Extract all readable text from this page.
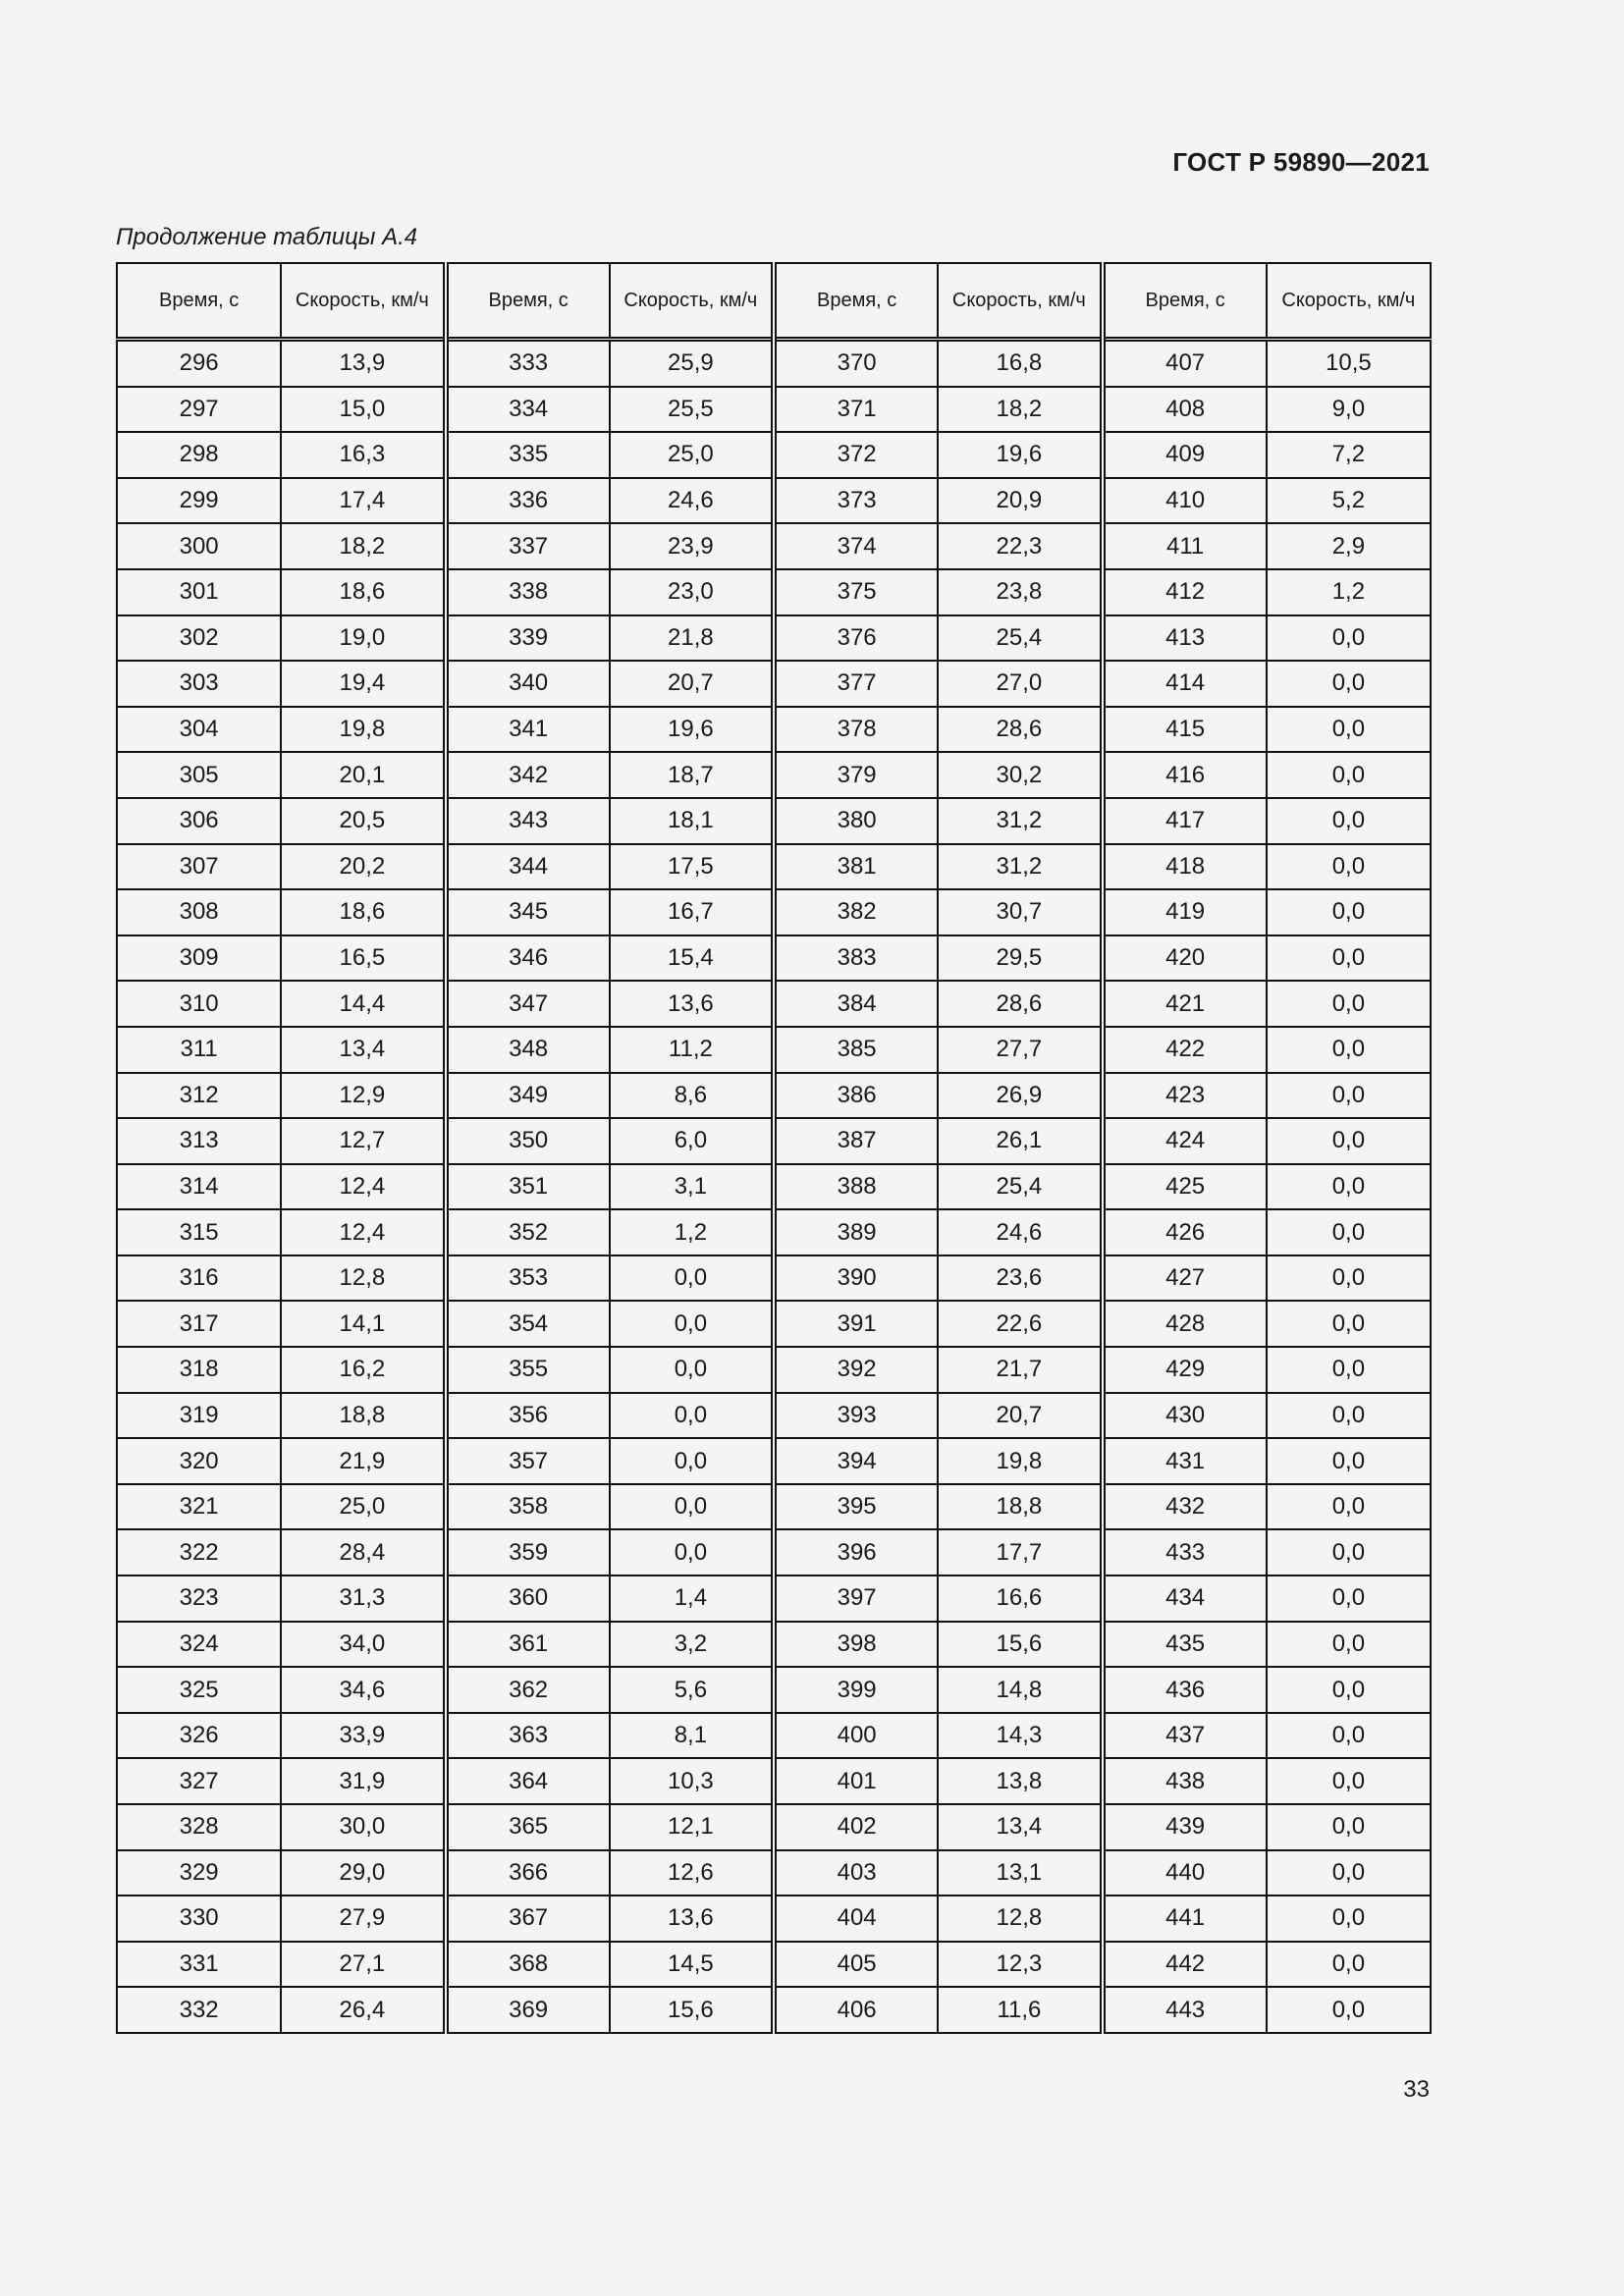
ГОСТ Р 59890—2021
Продолжение таблицы А.4
Время, с	Скорость, км/ч	Время, с	Скорость, км/ч	Время, с	Скорость, км/ч	Время, с	Скорость, км/ч
296	13,9	333	25,9	370	16,8	407	10,5
297	15,0	334	25,5	371	18,2	408	9,0
298	16,3	335	25,0	372	19,6	409	7,2
299	17,4	336	24,6	373	20,9	410	5,2
300	18,2	337	23,9	374	22,3	411	2,9
301	18,6	338	23,0	375	23,8	412	1,2
302	19,0	339	21,8	376	25,4	413	0,0
303	19,4	340	20,7	377	27,0	414	0,0
304	19,8	341	19,6	378	28,6	415	0,0
305	20,1	342	18,7	379	30,2	416	0,0
306	20,5	343	18,1	380	31,2	417	0,0
307	20,2	344	17,5	381	31,2	418	0,0
308	18,6	345	16,7	382	30,7	419	0,0
309	16,5	346	15,4	383	29,5	420	0,0
310	14,4	347	13,6	384	28,6	421	0,0
311	13,4	348	11,2	385	27,7	422	0,0
312	12,9	349	8,6	386	26,9	423	0,0
313	12,7	350	6,0	387	26,1	424	0,0
314	12,4	351	3,1	388	25,4	425	0,0
315	12,4	352	1,2	389	24,6	426	0,0
316	12,8	353	0,0	390	23,6	427	0,0
317	14,1	354	0,0	391	22,6	428	0,0
318	16,2	355	0,0	392	21,7	429	0,0
319	18,8	356	0,0	393	20,7	430	0,0
320	21,9	357	0,0	394	19,8	431	0,0
321	25,0	358	0,0	395	18,8	432	0,0
322	28,4	359	0,0	396	17,7	433	0,0
323	31,3	360	1,4	397	16,6	434	0,0
324	34,0	361	3,2	398	15,6	435	0,0
325	34,6	362	5,6	399	14,8	436	0,0
326	33,9	363	8,1	400	14,3	437	0,0
327	31,9	364	10,3	401	13,8	438	0,0
328	30,0	365	12,1	402	13,4	439	0,0
329	29,0	366	12,6	403	13,1	440	0,0
330	27,9	367	13,6	404	12,8	441	0,0
331	27,1	368	14,5	405	12,3	442	0,0
332	26,4	369	15,6	406	11,6	443	0,0
33
